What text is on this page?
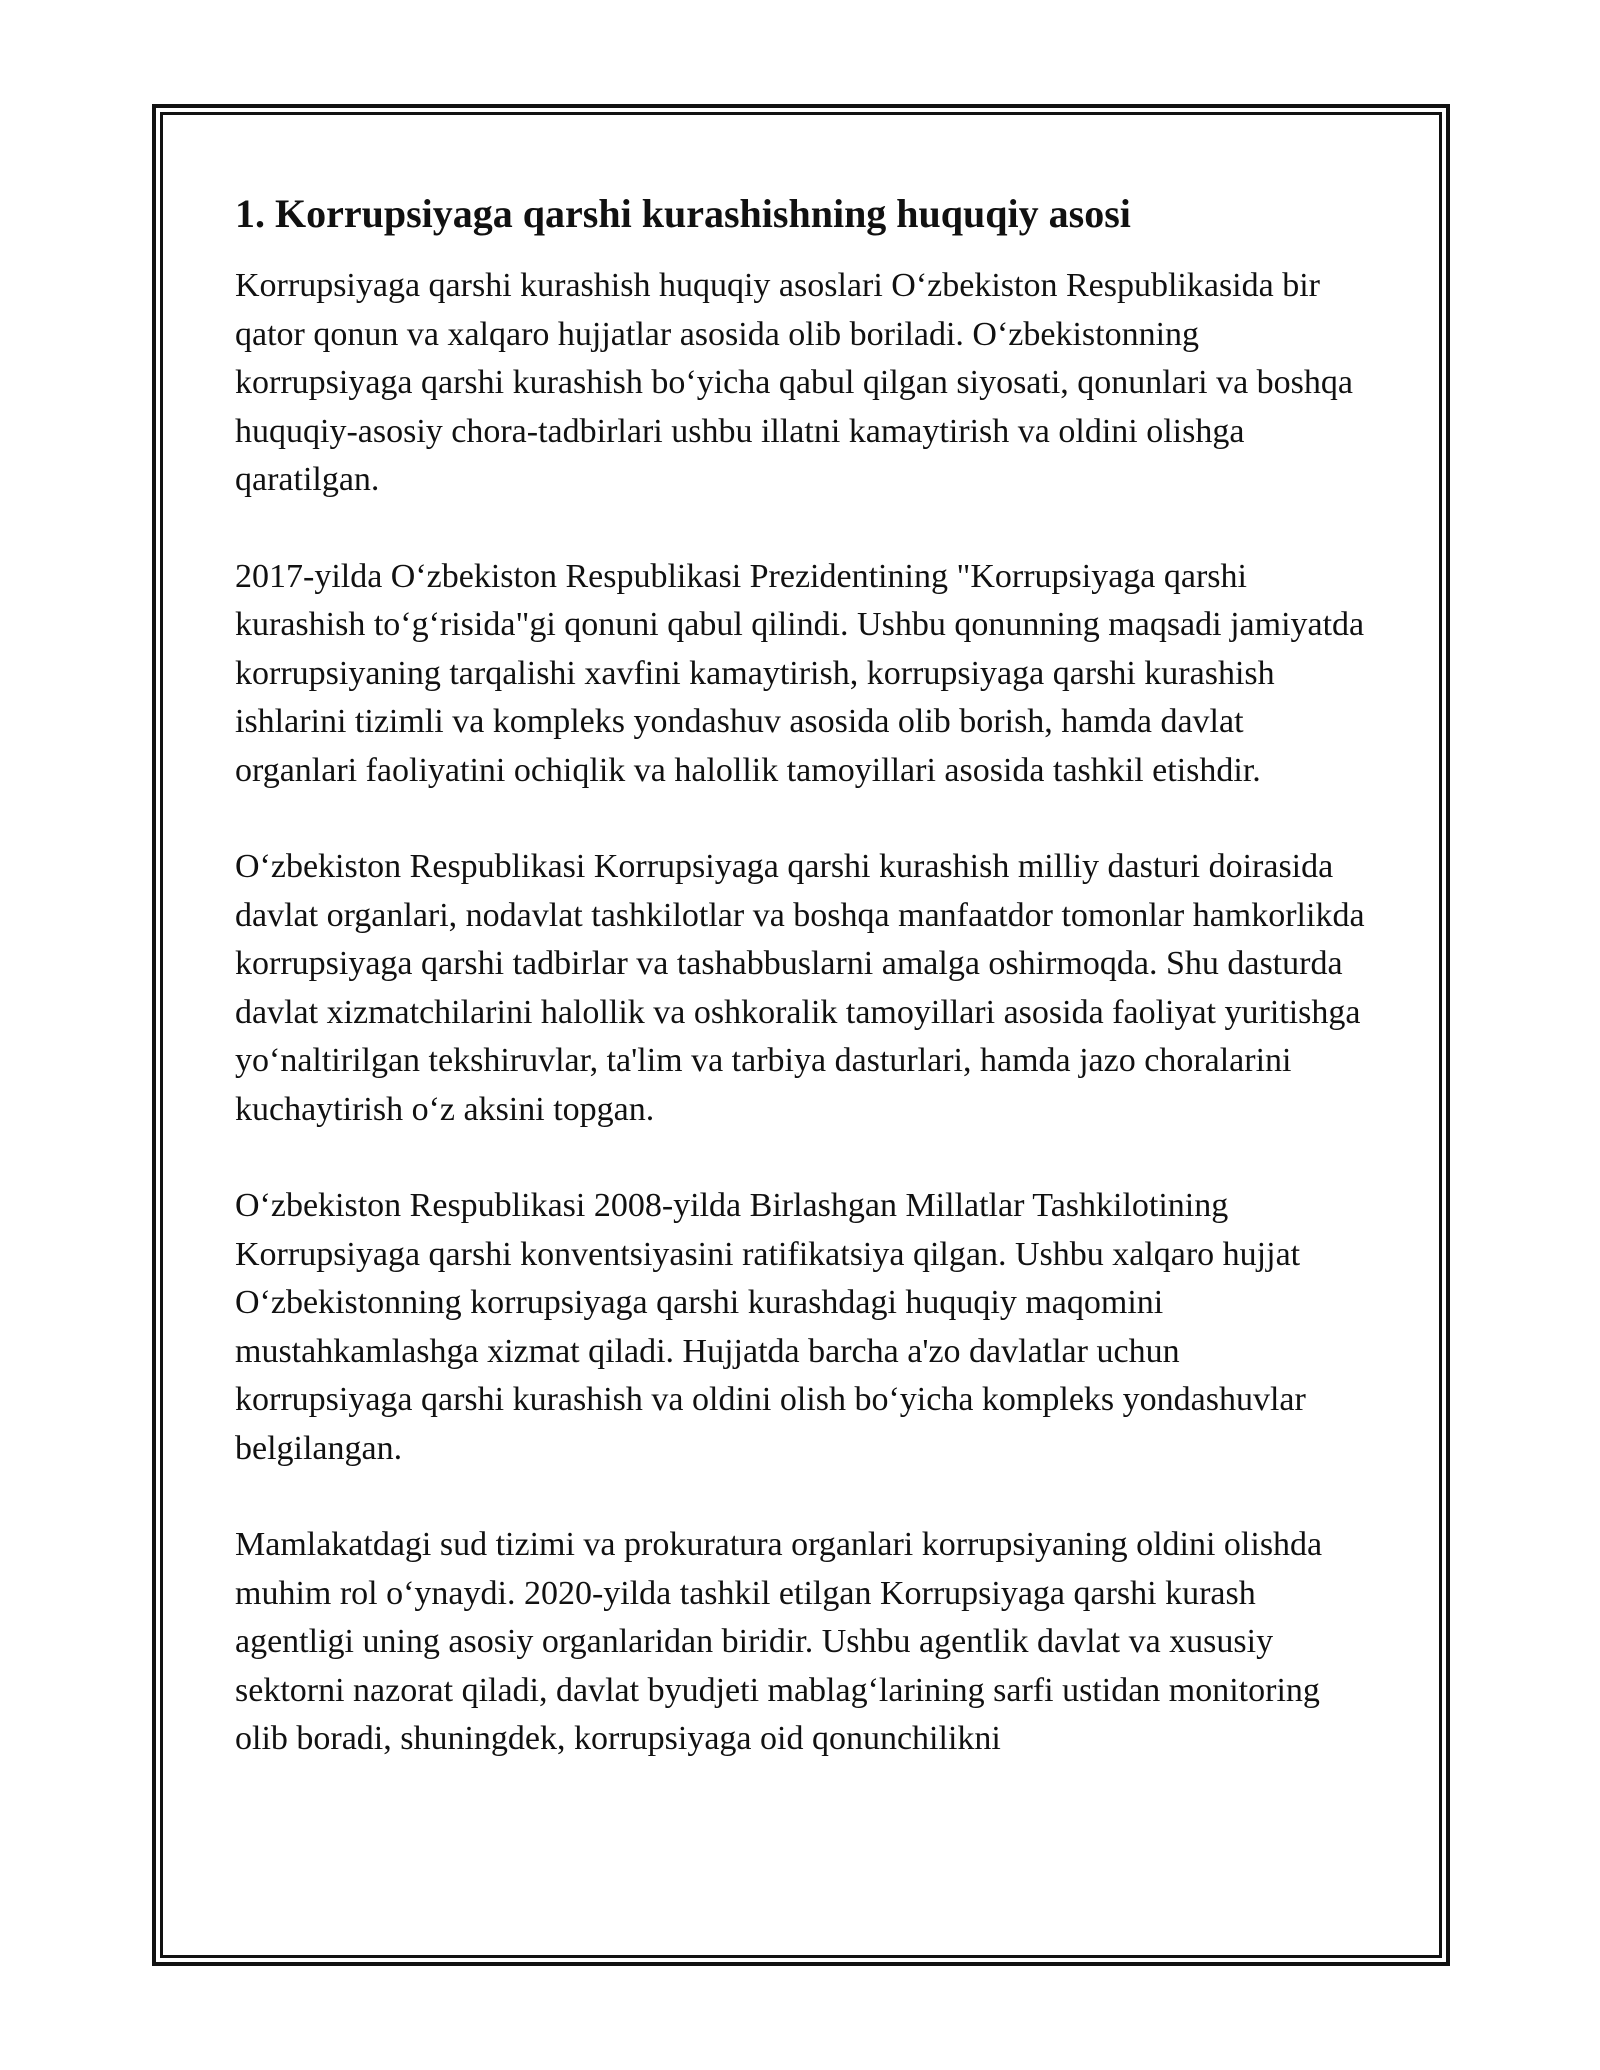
1. Korrupsiyaga qarshi kurashishning huquqiy asosi

Korrupsiyaga qarshi kurashish huquqiy asoslari O‘zbekiston Respublikasida bir qator qonun va xalqaro hujjatlar asosida olib boriladi. O‘zbekistonning korrupsiyaga qarshi kurashish bo‘yicha qabul qilgan siyosati, qonunlari va boshqa huquqiy-asosiy chora-tadbirlari ushbu illatni kamaytirish va oldini olishga qaratilgan.

2017-yilda O‘zbekiston Respublikasi Prezidentining "Korrupsiyaga qarshi kurashish to‘g‘risida"gi qonuni qabul qilindi. Ushbu qonunning maqsadi jamiyatda korrupsiyaning tarqalishi xavfini kamaytirish, korrupsiyaga qarshi kurashish ishlarini tizimli va kompleks yondashuv asosida olib borish, hamda davlat organlari faoliyatini ochiqlik va halollik tamoyillari asosida tashkil etishdir.

O‘zbekiston Respublikasi Korrupsiyaga qarshi kurashish milliy dasturi doirasida davlat organlari, nodavlat tashkilotlar va boshqa manfaatdor tomonlar hamkorlikda korrupsiyaga qarshi tadbirlar va tashabbuslarni amalga oshirmoqda. Shu dasturda davlat xizmatchilarini halollik va oshkoralik tamoyillari asosida faoliyat yuritishga yo‘naltirilgan tekshiruvlar, ta'lim va tarbiya dasturlari, hamda jazo choralarini kuchaytirish o‘z aksini topgan.

O‘zbekiston Respublikasi 2008-yilda Birlashgan Millatlar Tashkilotining Korrupsiyaga qarshi konventsiyasini ratifikatsiya qilgan. Ushbu xalqaro hujjat O‘zbekistonning korrupsiyaga qarshi kurashdagi huquqiy maqomini mustahkamlashga xizmat qiladi. Hujjatda barcha a'zo davlatlar uchun korrupsiyaga qarshi kurashish va oldini olish bo‘yicha kompleks yondashuvlar belgilangan.

Mamlakatdagi sud tizimi va prokuratura organlari korrupsiyaning oldini olishda muhim rol o‘ynaydi. 2020-yilda tashkil etilgan Korrupsiyaga qarshi kurash agentligi uning asosiy organlaridan biridir. Ushbu agentlik davlat va xususiy sektorni nazorat qiladi, davlat byudjeti mablag‘larining sarfi ustidan monitoring olib boradi, shuningdek, korrupsiyaga oid qonunchilikni
